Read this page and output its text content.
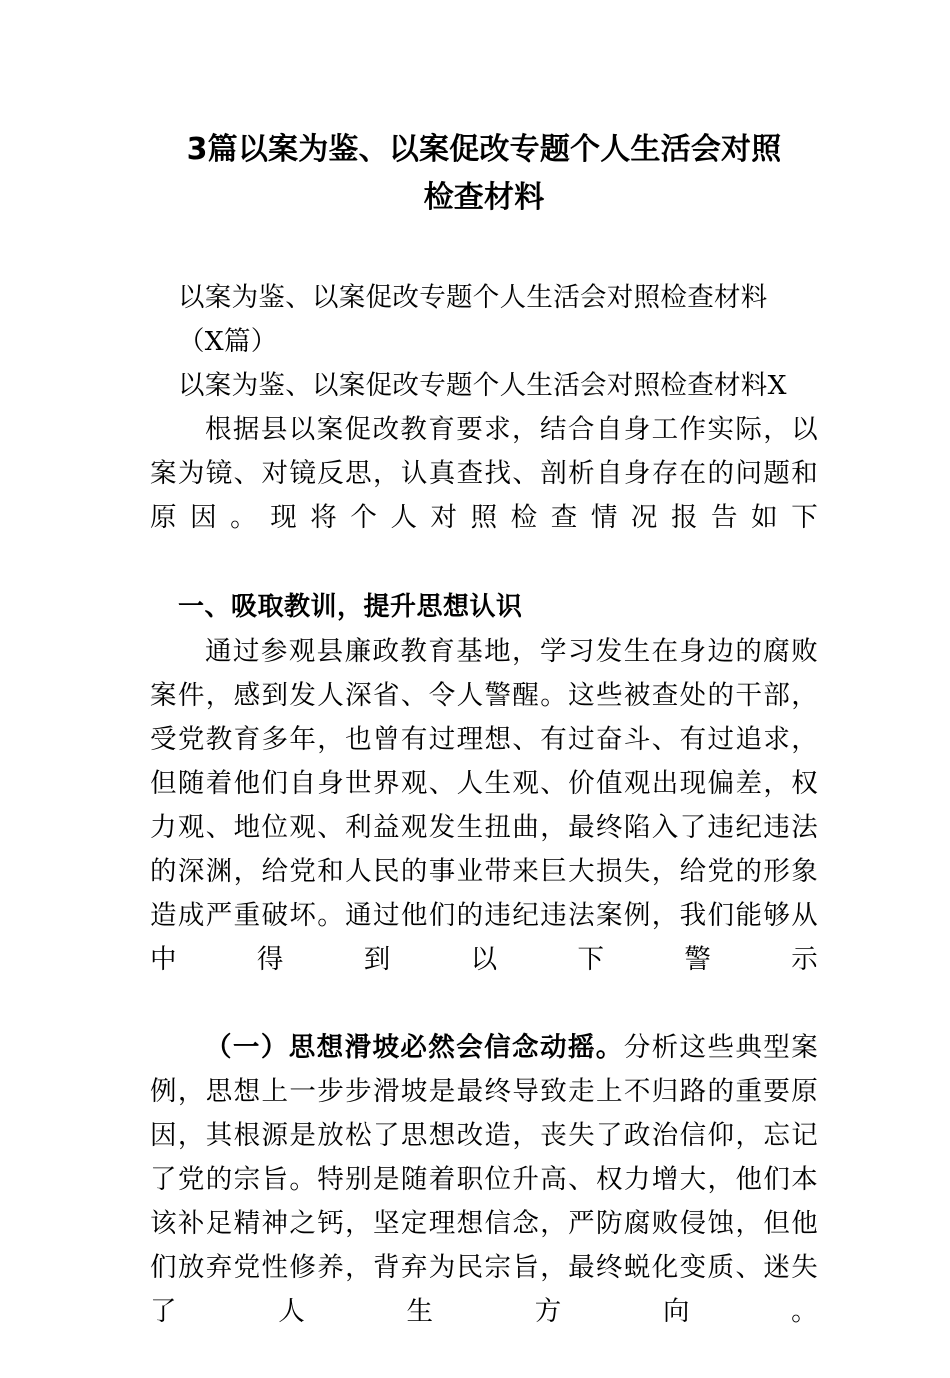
3篇以案为鉴、以案促改专题个人生活会对照
检查材料

以案为鉴、以案促改专题个人生活会对照检查材料

（X篇）

以案为鉴、以案促改专题个人生活会对照检查材料X

根据县以案促改教育要求，结合自身工作实际，以案为镜、对镜反思，认真查找、剖析自身存在的问题和原因。现将个人对照检查情况报告如下

一、吸取教训，提升思想认识

通过参观县廉政教育基地，学习发生在身边的腐败案件，感到发人深省、令人警醒。这些被查处的干部，受党教育多年，也曾有过理想、有过奋斗、有过追求，但随着他们自身世界观、人生观、价值观出现偏差，权力观、地位观、利益观发生扭曲，最终陷入了违纪违法的深渊，给党和人民的事业带来巨大损失，给党的形象造成严重破坏。通过他们的违纪违法案例，我们能够从中得到以下警示

（一）思想滑坡必然会信念动摇。分析这些典型案例，思想上一步步滑坡是最终导致走上不归路的重要原因，其根源是放松了思想改造，丧失了政治信仰，忘记了党的宗旨。特别是随着职位升高、权力增大，他们本该补足精神之钙，坚定理想信念，严防腐败侵蚀，但他们放弃党性修养，背弃为民宗旨，最终蜕化变质、迷失了人生方向。
